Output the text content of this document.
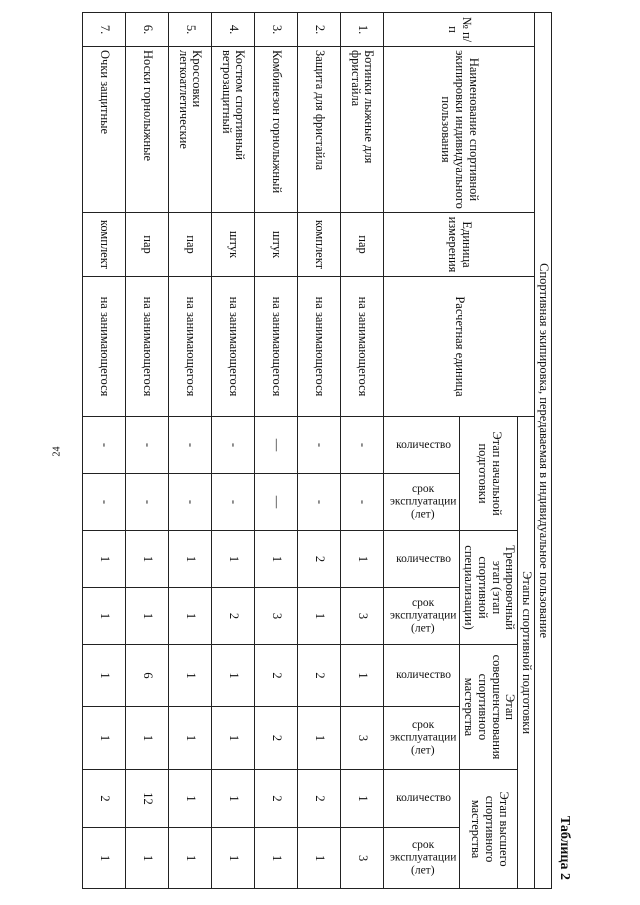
24
Таблица 2
Спортивная экипировка, передаваемая в индивидуальное пользование											
№ п/п	Наименование спортивной экипировки индивидуального пользования	Единица измерения	Расчетная единица	Этапы спортивной подготовки							
				Этап начальной подготовки		Тренировочный этап (этап спортивной специализации)		Этап совершенствования спортивного мастерства		Этап высшего спортивного мастерства	
				количество	срок эксплуатации (лет)	количество	срок эксплуатации (лет)	количество	срок эксплуатации (лет)	количество	срок эксплуатации (лет)

1.	Ботинки лыжные для фристайла	пар	на занимающегося	-	-	1	3	1	3	1	3
2.	Защита для фристайла	комплект	на занимающегося	-	-	2	1	2	1	2	1
3.	Комбинезон горнолыжный	штук	на занимающегося	—	—	1	3	2	2	2	1
4.	Костюм спортивный ветрозащитный	штук	на занимающегося	-	-	1	2	1	1	1	1
5.	Кроссовки легкоатлетические	пар	на занимающегося	-	-	1	1	1	1	1	1
6.	Носки горнолыжные	пар	на занимающегося	-	-	1	1	6	1	12	1
7.	Очки защитные	комплект	на занимающегося	-	-	1	1	1	1	2	1
